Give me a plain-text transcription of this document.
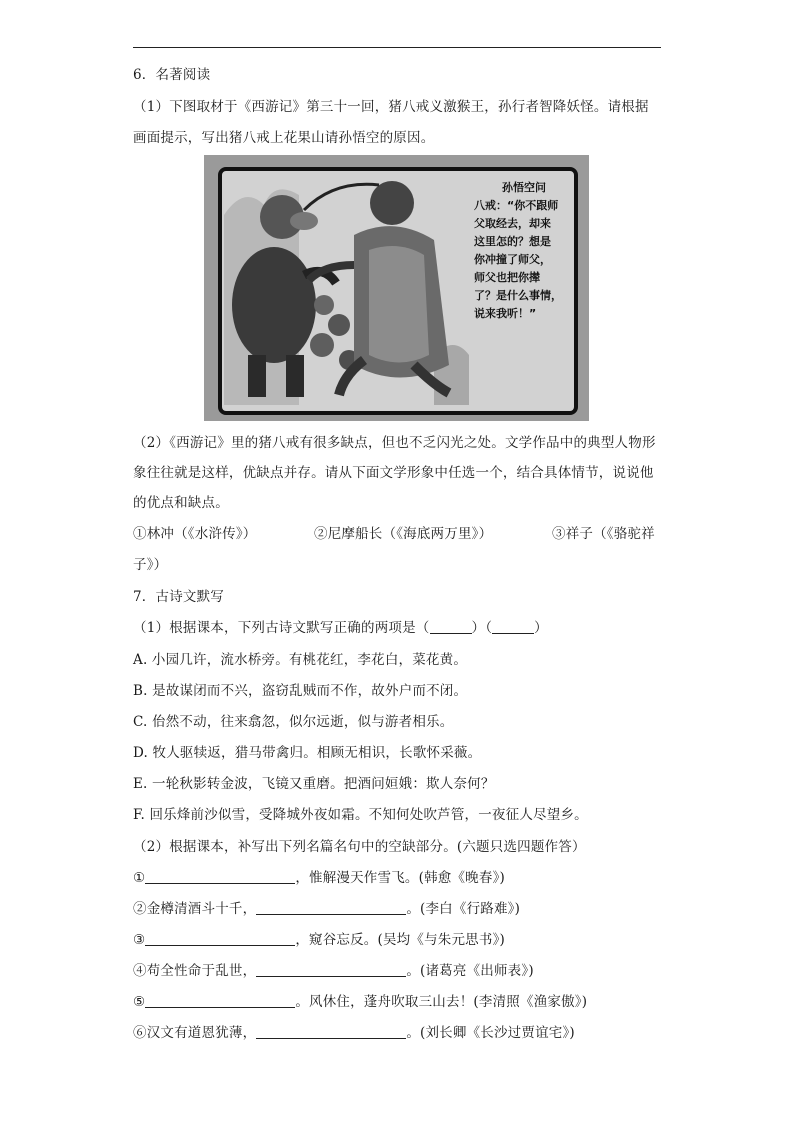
6．名著阅读
（1）下图取材于《西游记》第三十一回，猪八戒义激猴王，孙行者智降妖怪。请根据
画面提示，写出猪八戒上花果山请孙悟空的原因。
孙悟空问
八戒：“你不跟师
父取经去，却来
这里怎的？想是
你冲撞了师父，
师父也把你撵
了？是什么事情，
说来我听！”
（2）《西游记》里的猪八戒有很多缺点，但也不乏闪光之处。文学作品中的典型人物形
象往往就是这样，优缺点并存。请从下面文学形象中任选一个，结合具体情节，说说他
的优点和缺点。
①林冲（《水浒传》）	②尼摩船长（《海底两万里》）	③祥子（《骆驼祥
子》）
7．古诗文默写
（1）根据课本，下列古诗文默写正确的两项是（	）（	）
A. 小园几许，流水桥旁。有桃花红，李花白，菜花黄。
B. 是故谋闭而不兴，盗窃乱贼而不作，故外户而不闭。
C. 佁然不动，往来翕忽，似尔远逝，似与游者相乐。
D. 牧人驱犊返，猎马带禽归。相顾无相识，长歌怀采薇。
E. 一轮秋影转金波，飞镜又重磨。把酒问姮娥：欺人奈何？
F. 回乐烽前沙似雪，受降城外夜如霜。不知何处吹芦管，一夜征人尽望乡。
（2）根据课本，补写出下列名篇名句中的空缺部分。(六题只选四题作答）
①	，惟解漫天作雪飞。(韩愈《晚春》)
②金樽清酒斗十千，	。(李白《行路难》)
③	，窥谷忘反。(吴均《与朱元思书》)
④苟全性命于乱世，	。(诸葛亮《出师表》)
⑤	。风休住，蓬舟吹取三山去！(李清照《渔家傲》)
⑥汉文有道恩犹薄，	。(刘长卿《长沙过贾谊宅》)
